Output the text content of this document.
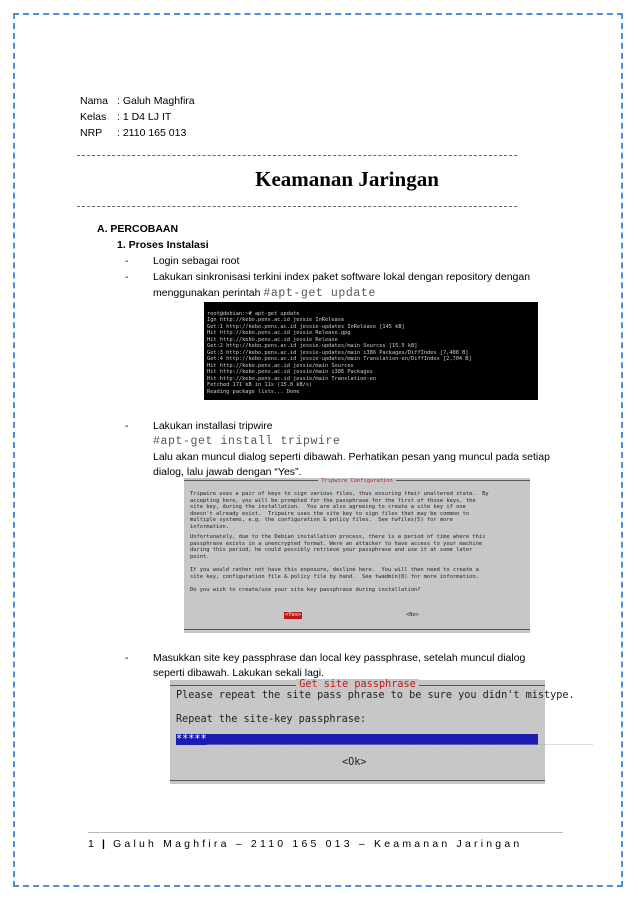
Nama : Galuh Maghfira
Kelas : 1 D4 LJ IT
NRP : 2110 165 013
Keamanan Jaringan
A. PERCOBAAN
1. Proses Instalasi
- Login sebagai root
- Lakukan sinkronisasi terkini index paket software lokal dengan repository dengan
menggunakan perintah #apt-get update

root@debian:~# apt-get update
Ign http://kebo.pens.ac.id jessie InRelease
Get:1 http://kebo.pens.ac.id jessie-updates InRelease [145 kB]
Hit http://kebo.pens.ac.id jessie Release.gpg
Hit http://kebo.pens.ac.id jessie Release
Get:2 http://kebo.pens.ac.id jessie-updates/main Sources [15.5 kB]
Get:3 http://kebo.pens.ac.id jessie-updates/main i386 Packages/DiffIndex [7,408 B]
Get:4 http://kebo.pens.ac.id jessie-updates/main Translation-en/DiffIndex [2,704 B]
Hit http://kebo.pens.ac.id jessie/main Sources
Hit http://kebo.pens.ac.id jessie/main i386 Packages
Hit http://kebo.pens.ac.id jessie/main Translation-en
Fetched 171 kB in 11s (15.0 kB/s)
Reading package lists... Done

- Lakukan installasi tripwire
#apt-get install tripwire
Lalu akan muncul dialog seperti dibawah. Perhatikan pesan yang muncul pada setiap
dialog, lalu jawab dengan “Yes”.
Tripwire Configuration
Tripwire uses a pair of keys to sign various files, thus ensuring their unaltered state.  By
accepting here, you will be prompted for the passphrase for the first of those keys, the
site key, during the installation.  You are also agreeing to create a site key if one
doesn't already exist.  Tripwire uses the site key to sign files that may be common to
multiple systems, e.g. the configuration & policy files.  See twfiles(5) for more
information.
Unfortunately, due to the Debian installation process, there is a period of time where this
passphrase exists in a unencrypted format. Were an attacker to have access to your machine
during this period, he could possibly retrieve your passphrase and use it at some later
point.
If you would rather not have this exposure, decline here.  You will then need to create a
site key, configuration file & policy file by hand.  See twadmin(8) for more information.
Do you wish to create/use your site key passphrase during installation?
<Yes>	<No>
- Masukkan site key passphrase dan local key passphrase, setelah muncul dialog
seperti dibawah. Lakukan sekali lagi.
Get site passphrase
Please repeat the site pass phrase to be sure you didn't mistype.
Repeat the site-key passphrase:
*****_______________________________________________________________
<Ok>
1 | Galuh Maghfira – 2110 165 013 – Keamanan Jaringan
